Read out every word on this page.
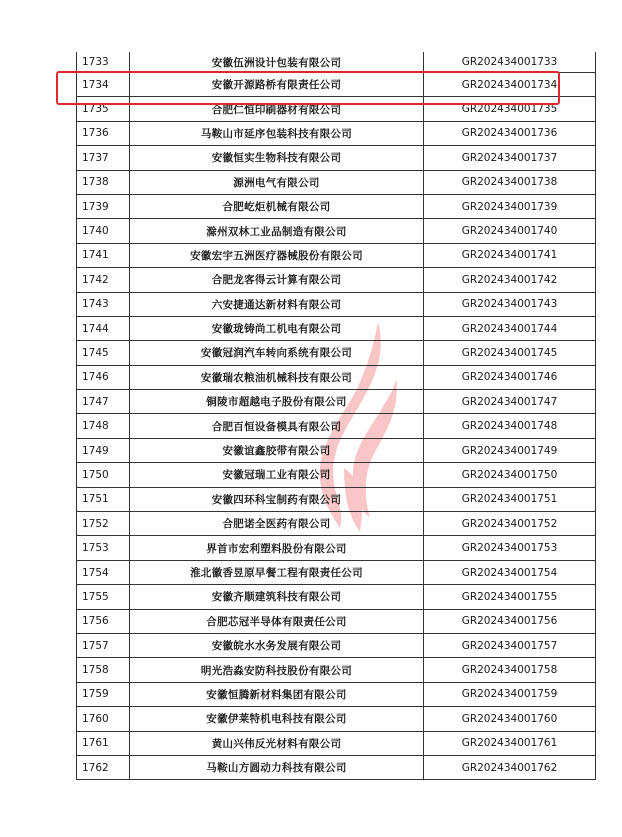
1733	安徽伍洲设计包装有限公司	GR202434001733
1734	安徽开源路桥有限责任公司	GR202434001734
1735	合肥仁恒印刷器材有限公司	GR202434001735
1736	马鞍山市延序包装科技有限公司	GR202434001736
1737	安徽恒实生物科技有限公司	GR202434001737
1738	源洲电气有限公司	GR202434001738
1739	合肥屹炬机械有限公司	GR202434001739
1740	滁州双林工业品制造有限公司	GR202434001740
1741	安徽宏宇五洲医疗器械股份有限公司	GR202434001741
1742	合肥龙客得云计算有限公司	GR202434001742
1743	六安捷通达新材料有限公司	GR202434001743
1744	安徽珑铸尚工机电有限公司	GR202434001744
1745	安徽冠润汽车转向系统有限公司	GR202434001745
1746	安徽瑞农粮油机械科技有限公司	GR202434001746
1747	铜陵市超越电子股份有限公司	GR202434001747
1748	合肥百恒设备模具有限公司	GR202434001748
1749	安徽谊鑫胶带有限公司	GR202434001749
1750	安徽冠瑞工业有限公司	GR202434001750
1751	安徽四环科宝制药有限公司	GR202434001751
1752	合肥诺全医药有限公司	GR202434001752
1753	界首市宏利塑料股份有限公司	GR202434001753
1754	淮北徽香昱原早餐工程有限责任公司	GR202434001754
1755	安徽齐顺建筑科技有限公司	GR202434001755
1756	合肥芯冠半导体有限责任公司	GR202434001756
1757	安徽皖水水务发展有限公司	GR202434001757
1758	明光浩淼安防科技股份有限公司	GR202434001758
1759	安徽恒腾新材料集团有限公司	GR202434001759
1760	安徽伊莱特机电科技有限公司	GR202434001760
1761	黄山兴伟反光材料有限公司	GR202434001761
1762	马鞍山方圆动力科技有限公司	GR202434001762
